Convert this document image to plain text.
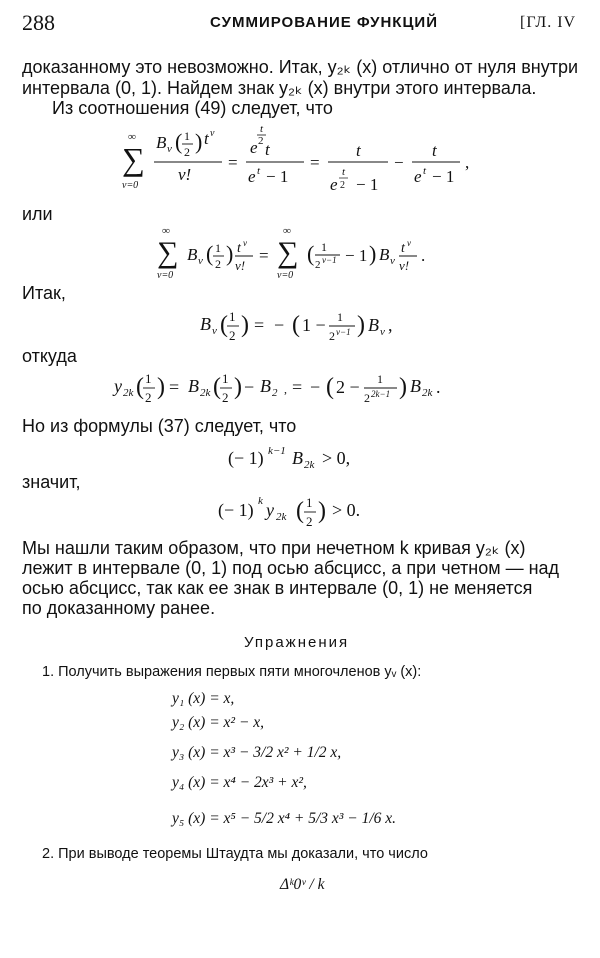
288	СУММИРОВАНИЕ ФУНКЦИЙ	[ГЛ. IV
доказанному это невозможно. Итак, y₂ₖ (x) отлично от нуля внутри
интервала (0, 1). Найдем знак y₂ₖ (x) внутри этого интервала.
Из соотношения (49) следует, что
∞
∑
ν=0
B ν ( 1
2 ) t ν
ν!
=
t
2
e t
e t − 1
=
t
e
t
2 − 1
−
t
e t − 1
,
или
∞
∑
ν=0
B ν ( 1
2 ) t ν
ν!
=
∞
∑
ν=0
( 1
2 ν−1 − 1 ) B ν
t ν
ν!
.
Итак,
B ν ( 1
2 ) = − ( 1 − 1
2 ν−1 ) B ν ,
откуда
y 2k ( 1
2 ) = B 2k ( 1
2 ) − B 2 , = − ( 2 − 1
2 2k−1 ) B 2k .
Но из формулы (37) следует, что
(− 1) k−1 B 2k > 0,
значит,
(− 1) k y 2k ( 1
2 ) > 0.
Мы нашли таким образом, что при нечетном k кривая y₂ₖ (x)
лежит в интервале (0, 1) под осью абсцисс, а при четном — над
осью абсцисс, так как ее знак в интервале (0, 1) не меняется
по доказанному ранее.
Упражнения
1. Получить выражения первых пяти многочленов yᵥ (x):
y₁ (x) = x,
y₂ (x) = x² − x,
y₃ (x) = x³ − 3/2 x² + 1/2 x,
y₄ (x) = x⁴ − 2x³ + x²,
y₅ (x) = x⁵ − 5/2 x⁴ + 5/3 x³ − 1/6 x.
2. При выводе теоремы Штаудта мы доказали, что число
Δᵏ0ᵛ / k
